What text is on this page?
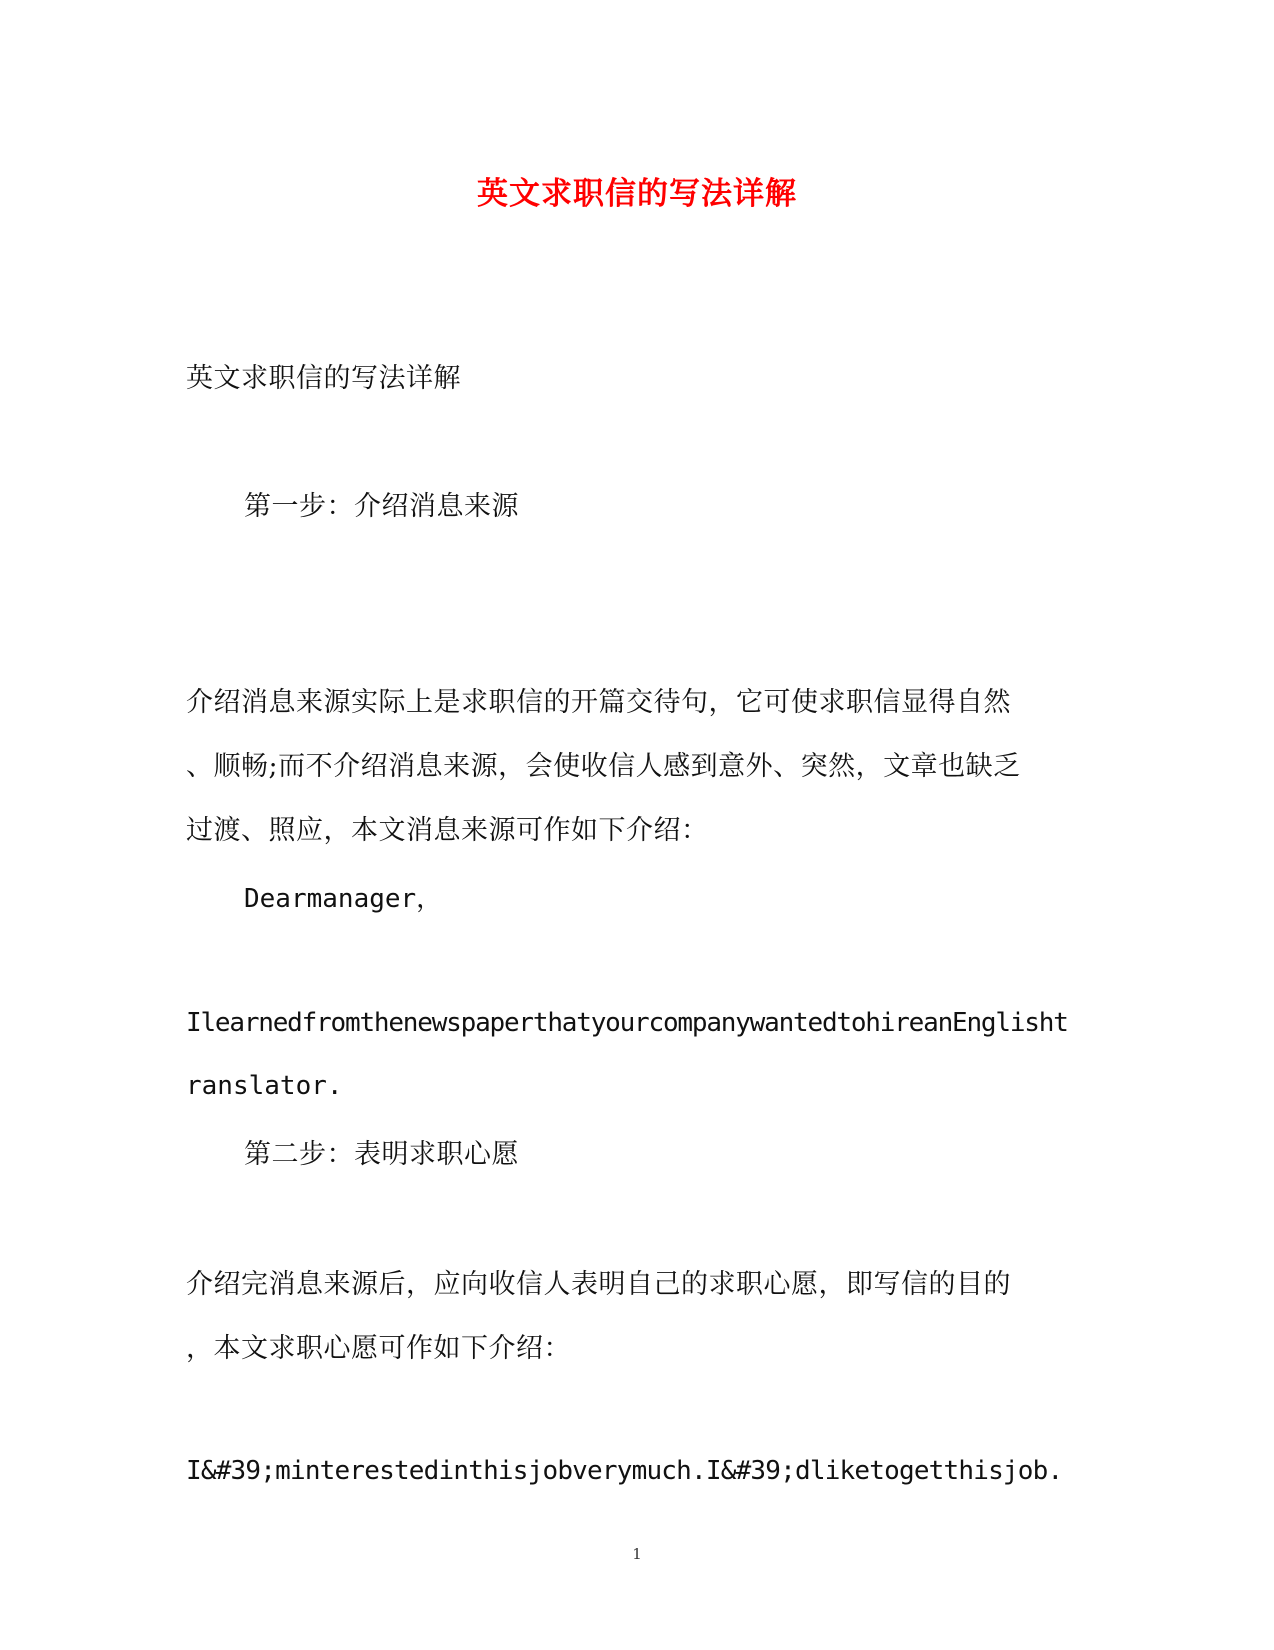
英文求职信的写法详解
英文求职信的写法详解
第一步：介绍消息来源
介绍消息来源实际上是求职信的开篇交待句，它可使求职信显得自然
、顺畅;而不介绍消息来源，会使收信人感到意外、突然，文章也缺乏
过渡、照应，本文消息来源可作如下介绍：
Dearmanager，
IlearnedfromthenewspaperthatyourcompanywantedtohireanEnglisht
ranslator.
第二步：表明求职心愿
介绍完消息来源后，应向收信人表明自己的求职心愿，即写信的目的
，本文求职心愿可作如下介绍：
I&#39;minterestedinthisjobverymuch.I&#39;dliketogetthisjob.
1
